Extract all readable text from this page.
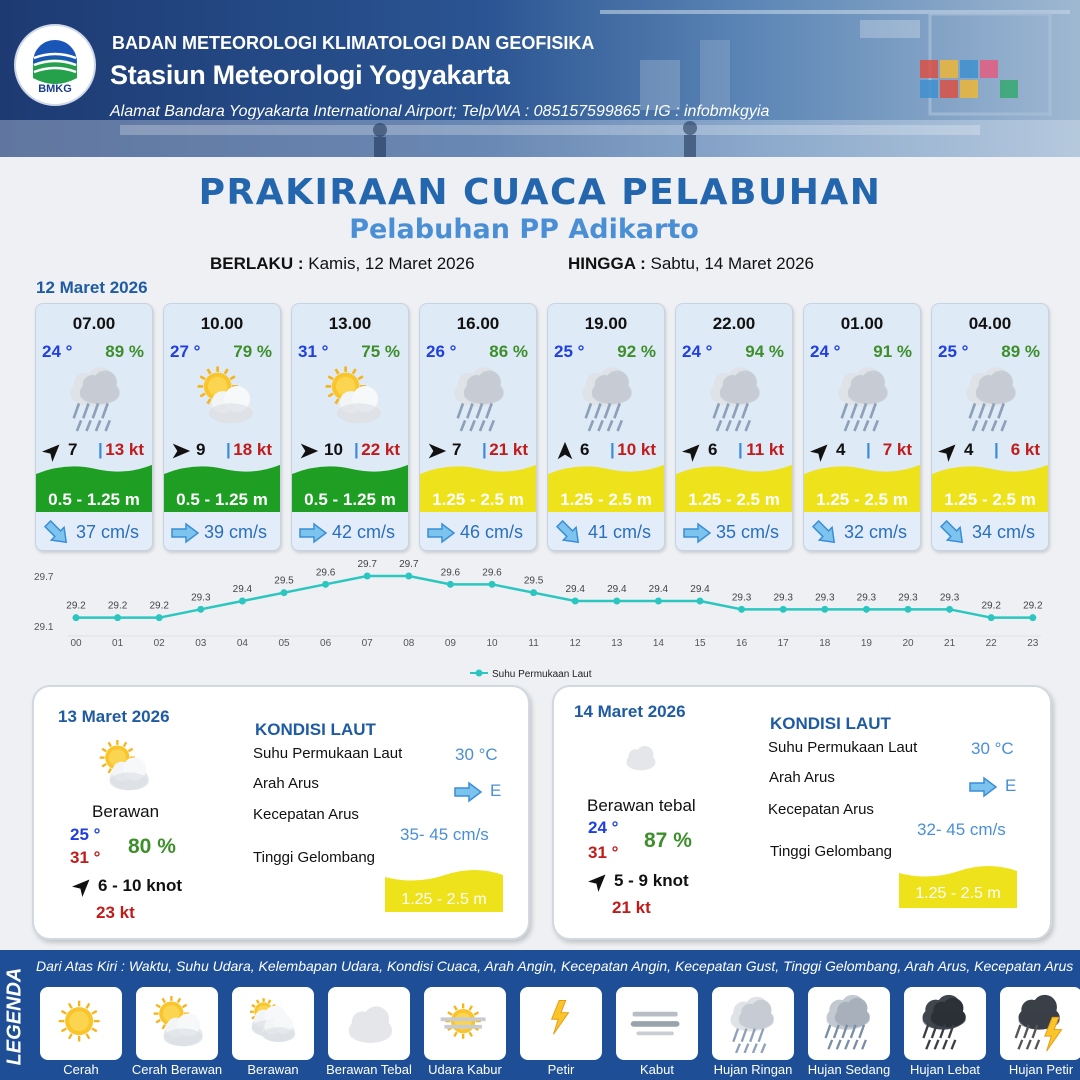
BMKG
BADAN METEOROLOGI KLIMATOLOGI DAN GEOFISIKA
Stasiun Meteorologi Yogyakarta
Alamat Bandara Yogyakarta International Airport; Telp/WA : 085157599865 I IG : infobmkgyia
PRAKIRAAN CUACA PELABUHAN
Pelabuhan PP Adikarto
BERLAKU : Kamis, 12 Maret 2026	HINGGA : Sabtu, 14 Maret 2026
12 Maret 2026
07.00
24 ° 89 %
7 | 13 kt
0.5 - 1.25 m
37 cm/s
10.00
27 ° 79 %
9 | 18 kt
0.5 - 1.25 m
39 cm/s
13.00
31 ° 75 %
10 | 22 kt
0.5 - 1.25 m
42 cm/s
16.00
26 ° 86 %
7 | 21 kt
1.25 - 2.5 m
46 cm/s
19.00
25 ° 92 %
6 | 10 kt
1.25 - 2.5 m
41 cm/s
22.00
24 ° 94 %
6 | 11 kt
1.25 - 2.5 m
35 cm/s
01.00
24 ° 91 %
4 | 7 kt
1.25 - 2.5 m
32 cm/s
04.00
25 ° 89 %
4 | 6 kt
1.25 - 2.5 m
34 cm/s
29.7
29.1
29.2 29.2 29.2
29.3
29.4
29.5
29.6
29.7 29.7
29.6 29.6
29.5
29.4 29.4 29.4 29.4
29.3 29.3 29.3 29.3 29.3 29.3
29.2 29.2
00	01	02	03	04	05	06	07	08	09	10	11	12	13	14	15	16	17	18	19	20	21	22	23
Suhu Permukaan Laut
13 Maret 2026
Berawan
25 °
31 ° 80 %
6 - 10 knot
23 kt
KONDISI LAUT
Suhu Permukaan Laut	30 °C
Arah Arus	E
Kecepatan Arus
35- 45 cm/s
Tinggi Gelombang
1.25 - 2.5 m
14 Maret 2026
Berawan tebal
24 °
31 °
87 %
5 - 9 knot
21 kt
KONDISI LAUT
Suhu Permukaan Laut	30 °C
Arah Arus	E
Kecepatan Arus
32- 45 cm/s
Tinggi Gelombang
1.25 - 2.5 m
LEGENDA
Dari Atas Kiri : Waktu, Suhu Udara, Kelembapan Udara, Kondisi Cuaca, Arah Angin, Kecepatan Angin, Kecepatan Gust, Tinggi Gelombang, Arah Arus, Kecepatan Arus
Cerah	Cerah Berawan	Berawan	Berawan Tebal	Udara Kabur	Petir	Kabut	Hujan Ringan	Hujan Sedang	Hujan Lebat	Hujan Petir
